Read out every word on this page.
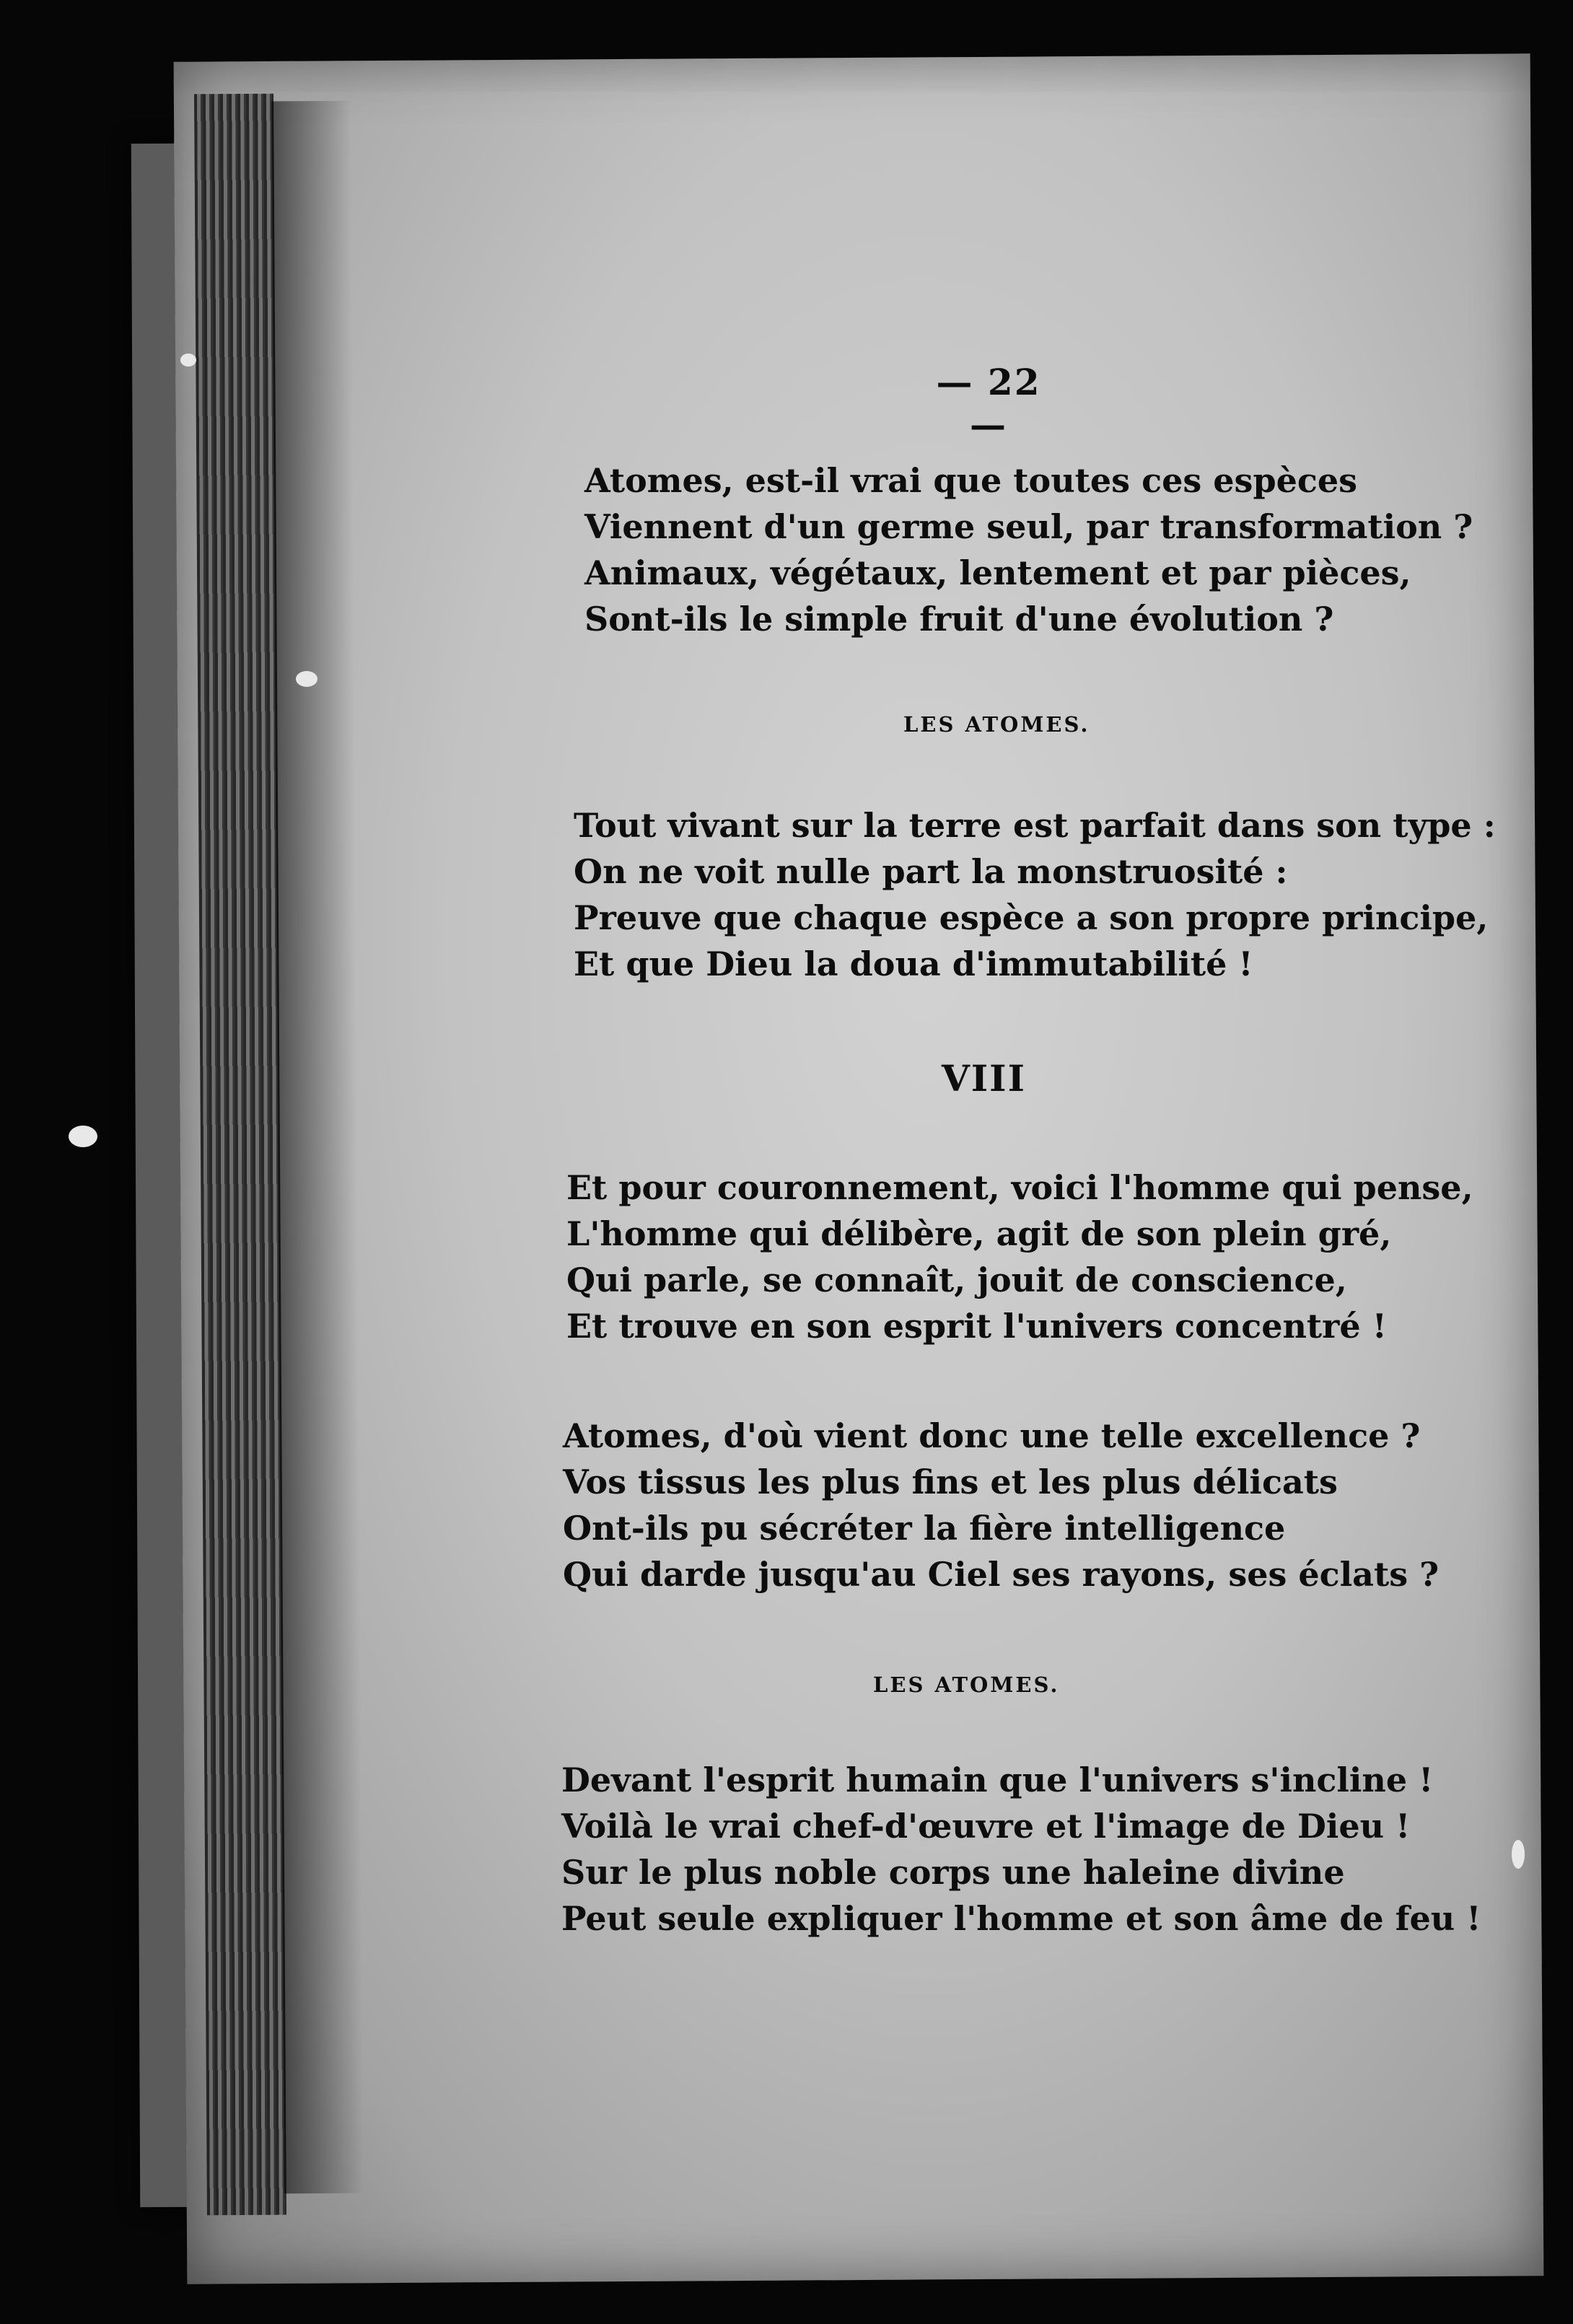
— 22 —
Atomes, est-il vrai que toutes ces espèces
Viennent d'un germe seul, par transformation ?
Animaux, végétaux, lentement et par pièces,
Sont-ils le simple fruit d'une évolution ?
LES ATOMES.
Tout vivant sur la terre est parfait dans son type :
On ne voit nulle part la monstruosité :
Preuve que chaque espèce a son propre principe,
Et que Dieu la doua d'immutabilité !
VIII
Et pour couronnement, voici l'homme qui pense,
L'homme qui délibère, agit de son plein gré,
Qui parle, se connaît, jouit de conscience,
Et trouve en son esprit l'univers concentré !
Atomes, d'où vient donc une telle excellence ?
Vos tissus les plus fins et les plus délicats
Ont-ils pu sécréter la fière intelligence
Qui darde jusqu'au Ciel ses rayons, ses éclats ?
LES ATOMES.
Devant l'esprit humain que l'univers s'incline !
Voilà le vrai chef-d'œuvre et l'image de Dieu !
Sur le plus noble corps une haleine divine
Peut seule expliquer l'homme et son âme de feu !
